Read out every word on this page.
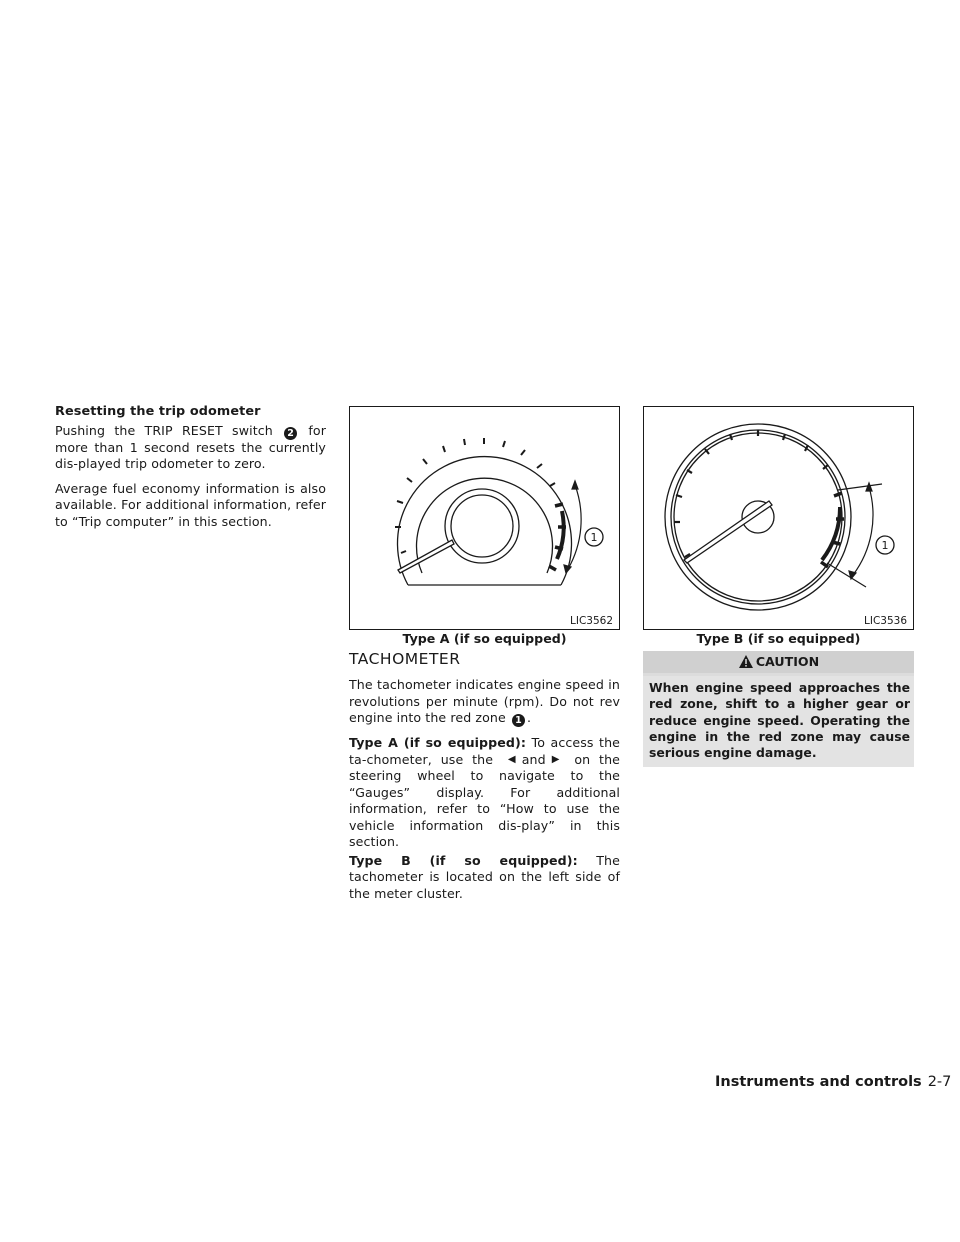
Resetting the trip odometer

Pushing the TRIP RESET switch 2 for more than 1 second resets the currently dis-played trip odometer to zero.

Average fuel economy information is also available. For additional information, refer to “Trip computer” in this section.

1
LIC3562
Type A (if so equipped)
1
LIC3536
Type B (if so equipped)
TACHOMETER

The tachometer indicates engine speed in revolutions per minute (rpm). Do not rev engine into the red zone 1 .

Type A (if so equipped): To access the ta-chometer, use the ◀ and ▶ on the steering wheel to navigate to the “Gauges” display. For additional information, refer to “How to use the vehicle information dis-play” in this section.

Type B (if so equipped): The tachometer is located on the left side of the meter cluster.

CAUTION
When engine speed approaches the red zone, shift to a higher gear or reduce engine speed. Operating the engine in the red zone may cause serious engine damage.
Instruments and controls 2-7
